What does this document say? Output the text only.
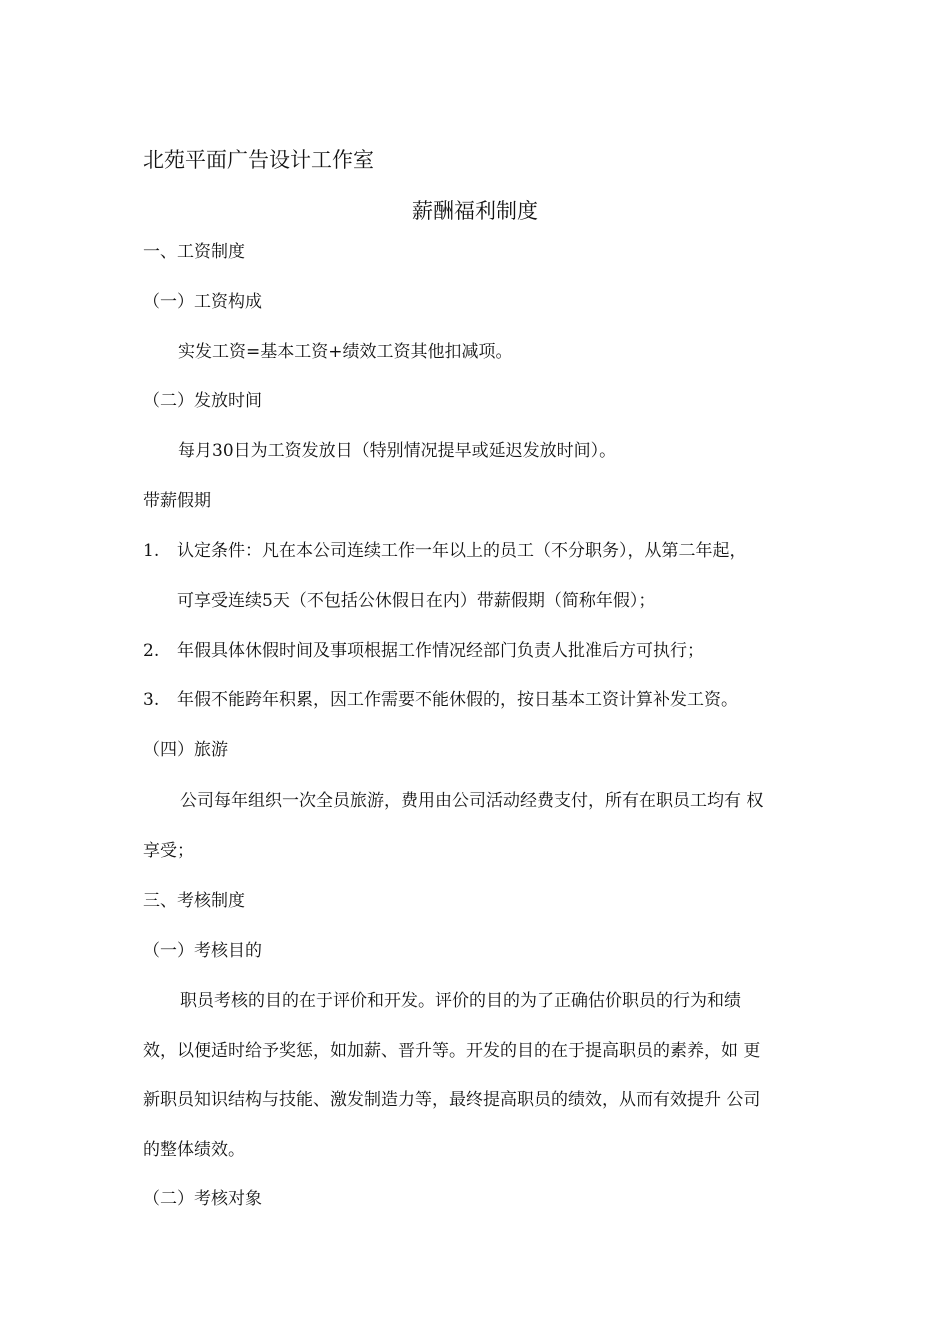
北苑平面广告设计工作室
薪酬福利制度
一、工资制度
（一）工资构成
实发工资=基本工资+绩效工资其他扣减项。
（二）发放时间
每月30日为工资发放日（特别情况提早或延迟发放时间）。
带薪假期
1. 认定条件：凡在本公司连续工作一年以上的员工（不分职务），从第二年起，
可享受连续5天（不包括公休假日在内）带薪假期（简称年假）；
2. 年假具体休假时间及事项根据工作情况经部门负责人批准后方可执行；
3. 年假不能跨年积累，因工作需要不能休假的，按日基本工资计算补发工资。
（四）旅游
公司每年组织一次全员旅游，费用由公司活动经费支付，所有在职员工均有 权
享受；
三、考核制度
（一）考核目的
职员考核的目的在于评价和开发。评价的目的为了正确估价职员的行为和绩
效，以便适时给予奖惩，如加薪、晋升等。开发的目的在于提高职员的素养，如 更
新职员知识结构与技能、激发制造力等，最终提高职员的绩效，从而有效提升 公司
的整体绩效。
（二）考核对象
